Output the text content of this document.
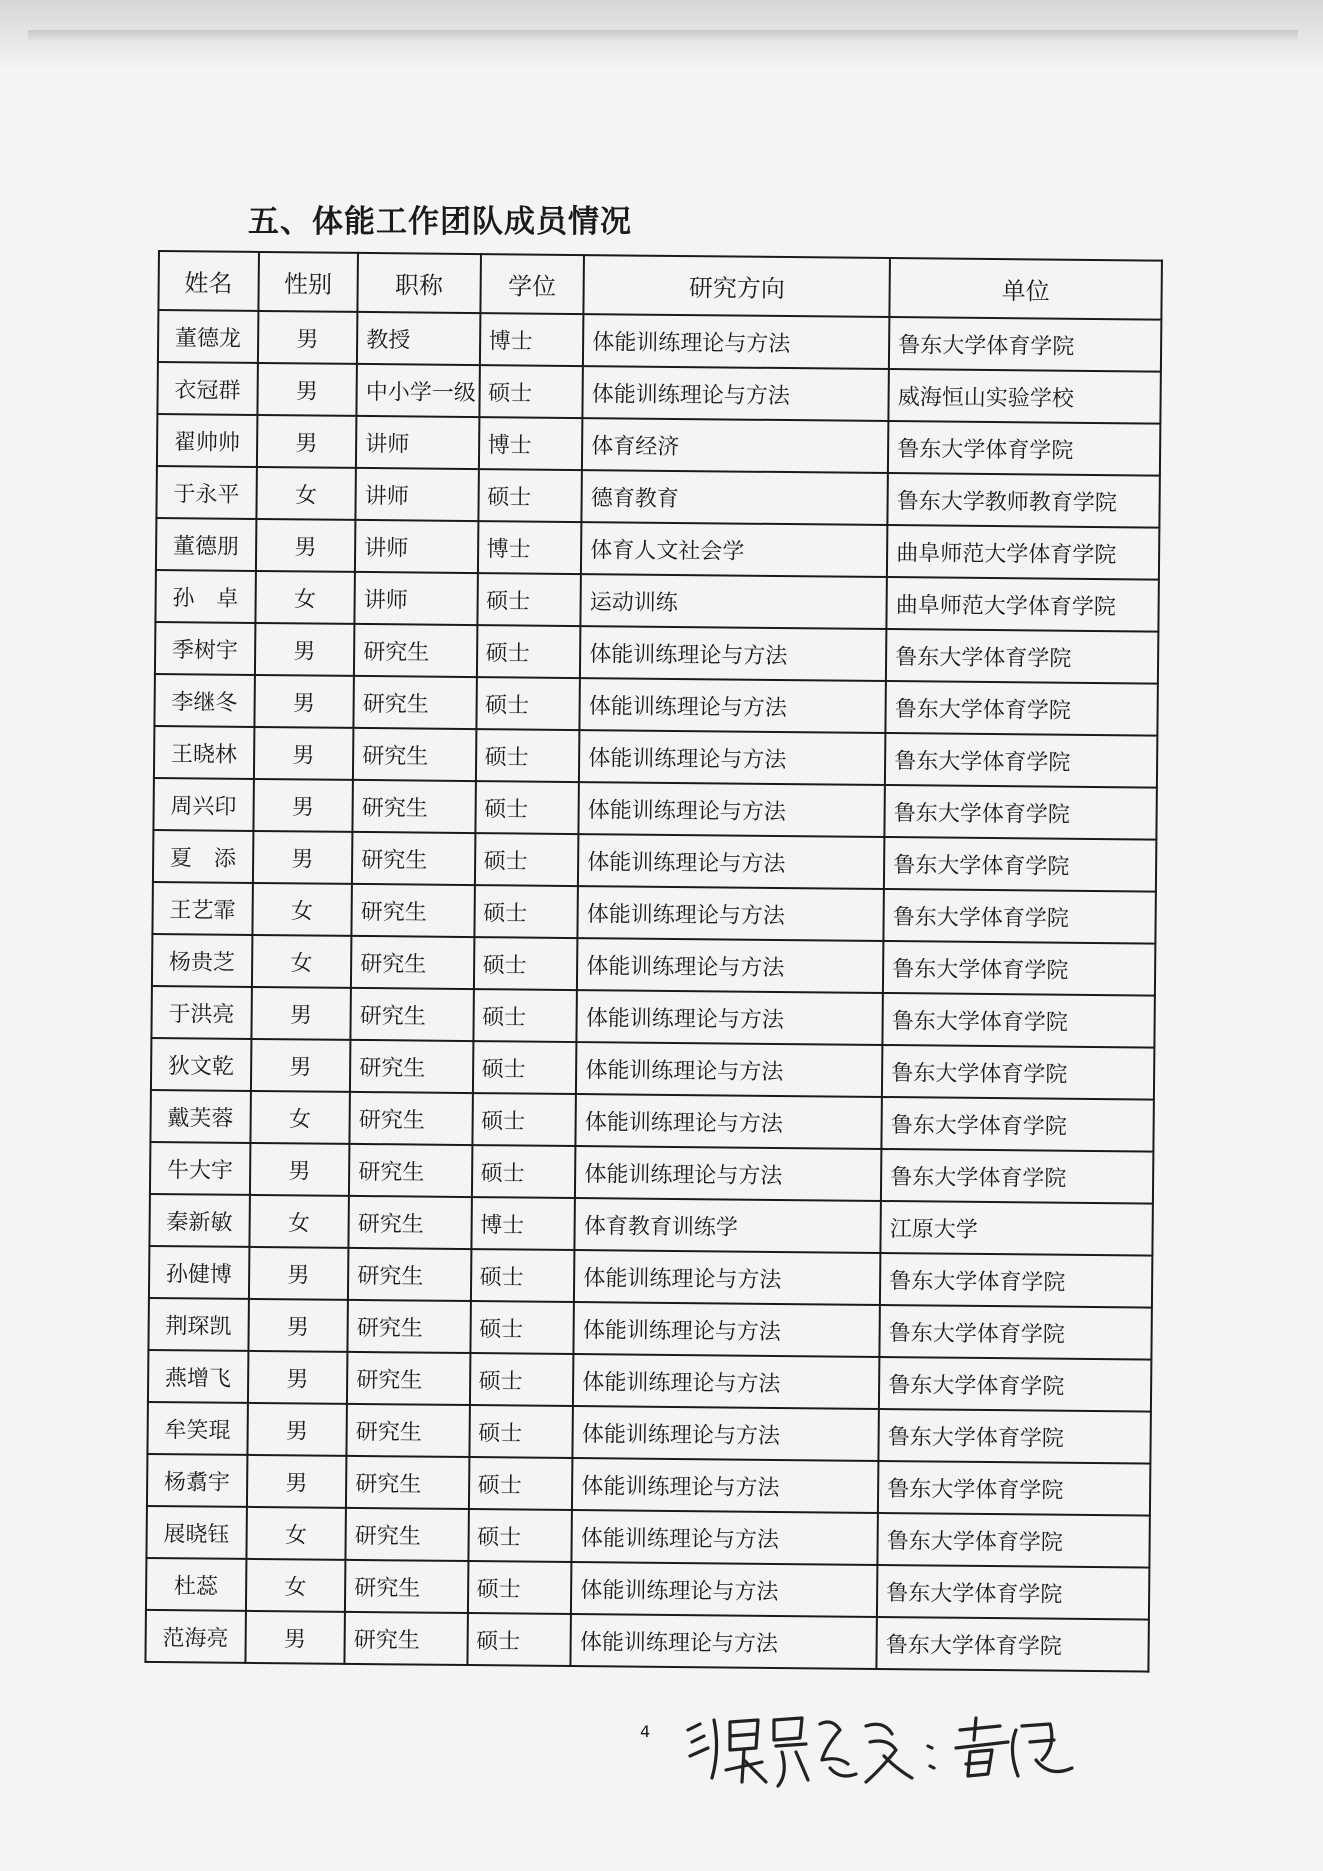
五、体能工作团队成员情况
姓名	性别	职称	学位	研究方向	单位
董德龙	男	教授	博士	体能训练理论与方法	鲁东大学体育学院
衣冠群	男	中小学一级	硕士	体能训练理论与方法	威海恒山实验学校
翟帅帅	男	讲师	博士	体育经济	鲁东大学体育学院
于永平	女	讲师	硕士	德育教育	鲁东大学教师教育学院
董德朋	男	讲师	博士	体育人文社会学	曲阜师范大学体育学院
孙　卓	女	讲师	硕士	运动训练	曲阜师范大学体育学院
季树宇	男	研究生	硕士	体能训练理论与方法	鲁东大学体育学院
李继冬	男	研究生	硕士	体能训练理论与方法	鲁东大学体育学院
王晓林	男	研究生	硕士	体能训练理论与方法	鲁东大学体育学院
周兴印	男	研究生	硕士	体能训练理论与方法	鲁东大学体育学院
夏　添	男	研究生	硕士	体能训练理论与方法	鲁东大学体育学院
王艺霏	女	研究生	硕士	体能训练理论与方法	鲁东大学体育学院
杨贵芝	女	研究生	硕士	体能训练理论与方法	鲁东大学体育学院
于洪亮	男	研究生	硕士	体能训练理论与方法	鲁东大学体育学院
狄文乾	男	研究生	硕士	体能训练理论与方法	鲁东大学体育学院
戴芙蓉	女	研究生	硕士	体能训练理论与方法	鲁东大学体育学院
牛大宇	男	研究生	硕士	体能训练理论与方法	鲁东大学体育学院
秦新敏	女	研究生	博士	体育教育训练学	江原大学
孙健博	男	研究生	硕士	体能训练理论与方法	鲁东大学体育学院
荆琛凯	男	研究生	硕士	体能训练理论与方法	鲁东大学体育学院
燕增飞	男	研究生	硕士	体能训练理论与方法	鲁东大学体育学院
牟笑琨	男	研究生	硕士	体能训练理论与方法	鲁东大学体育学院
杨翥宇	男	研究生	硕士	体能训练理论与方法	鲁东大学体育学院
展晓钰	女	研究生	硕士	体能训练理论与方法	鲁东大学体育学院
杜蕊	女	研究生	硕士	体能训练理论与方法	鲁东大学体育学院
范海亮	男	研究生	硕士	体能训练理论与方法	鲁东大学体育学院
4
